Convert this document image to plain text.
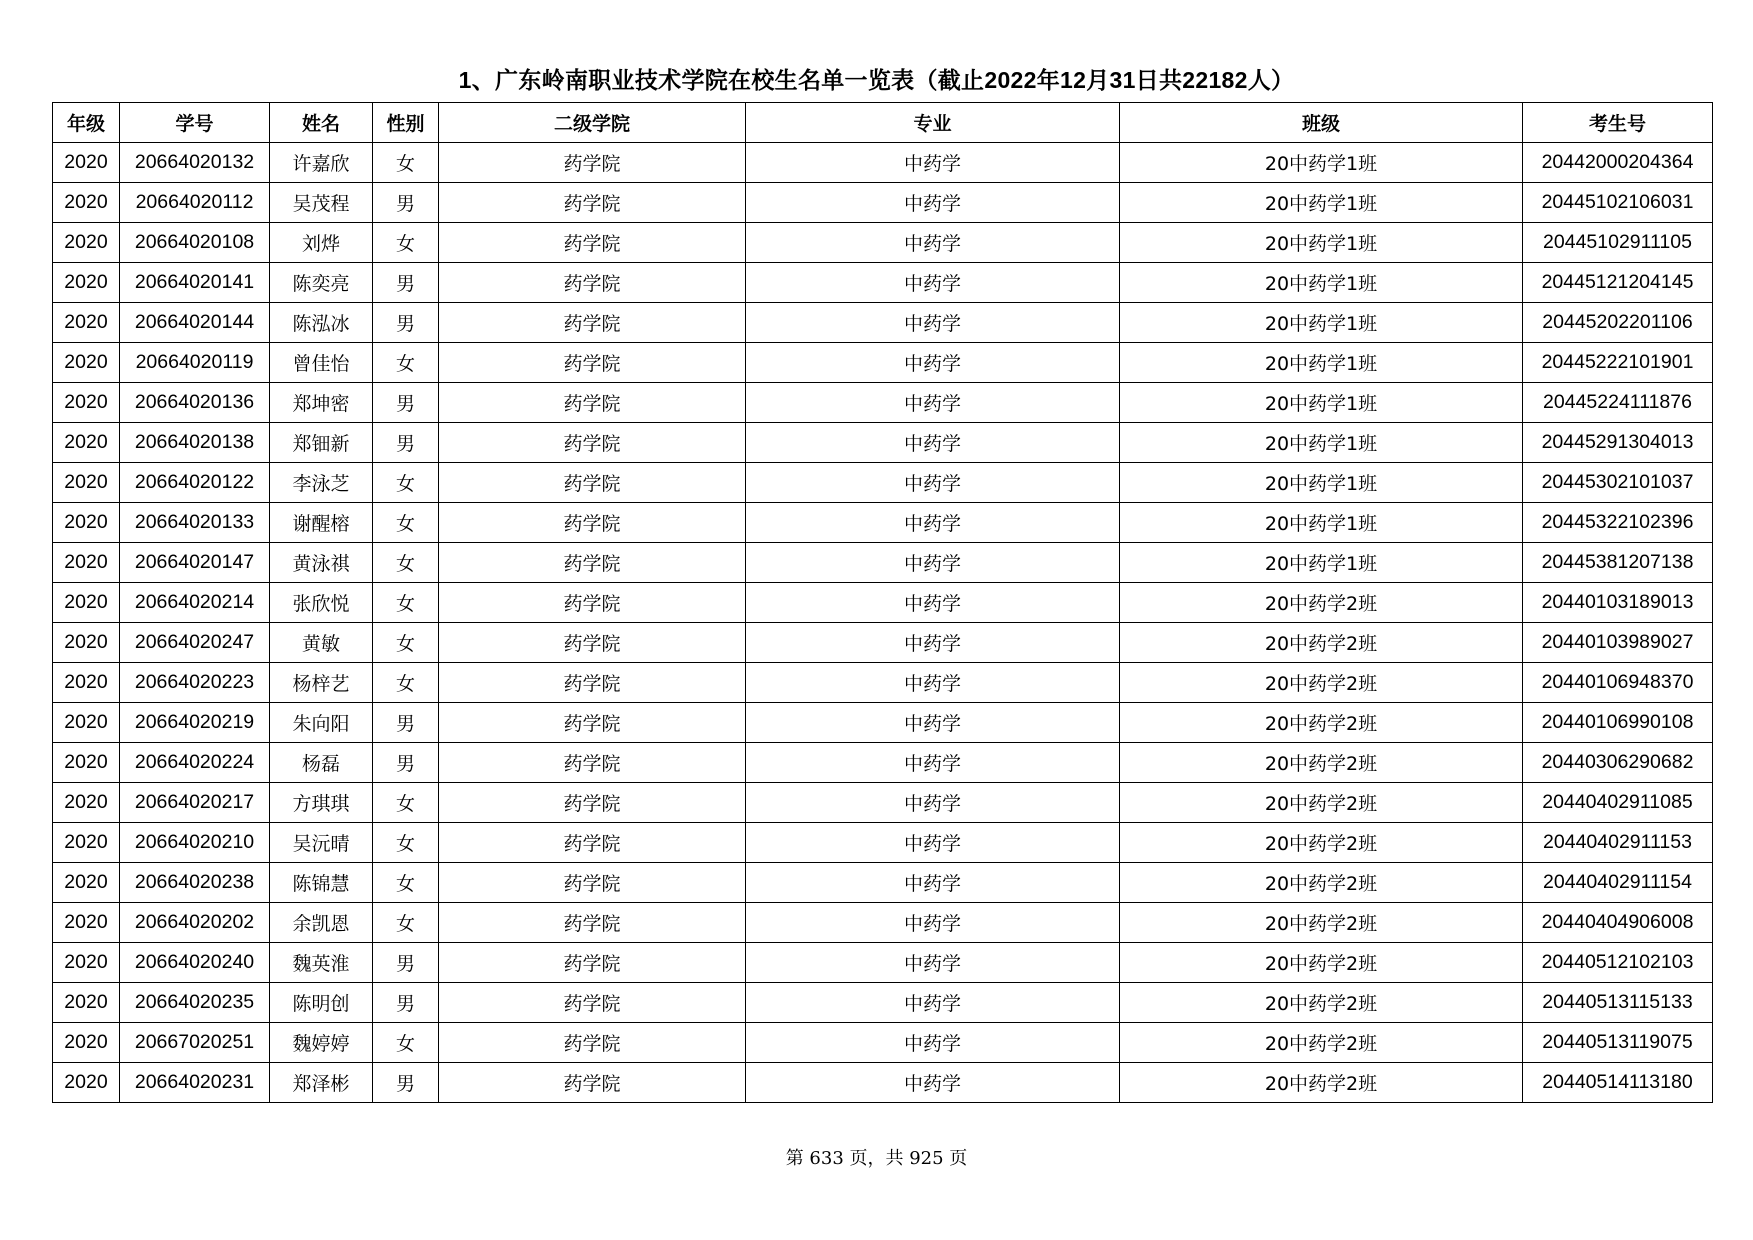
1、广东岭南职业技术学院在校生名单一览表（截止2022年12月31日共22182人）
年级	学号	姓名	性别	二级学院	专业	班级	考生号
2020	20664020132	许嘉欣	女	药学院	中药学	20中药学1班	20442000204364
2020	20664020112	吴茂程	男	药学院	中药学	20中药学1班	20445102106031
2020	20664020108	刘烨	女	药学院	中药学	20中药学1班	20445102911105
2020	20664020141	陈奕亮	男	药学院	中药学	20中药学1班	20445121204145
2020	20664020144	陈泓冰	男	药学院	中药学	20中药学1班	20445202201106
2020	20664020119	曾佳怡	女	药学院	中药学	20中药学1班	20445222101901
2020	20664020136	郑坤密	男	药学院	中药学	20中药学1班	20445224111876
2020	20664020138	郑钿新	男	药学院	中药学	20中药学1班	20445291304013
2020	20664020122	李泳芝	女	药学院	中药学	20中药学1班	20445302101037
2020	20664020133	谢醒榕	女	药学院	中药学	20中药学1班	20445322102396
2020	20664020147	黄泳祺	女	药学院	中药学	20中药学1班	20445381207138
2020	20664020214	张欣悦	女	药学院	中药学	20中药学2班	20440103189013
2020	20664020247	黄敏	女	药学院	中药学	20中药学2班	20440103989027
2020	20664020223	杨梓艺	女	药学院	中药学	20中药学2班	20440106948370
2020	20664020219	朱向阳	男	药学院	中药学	20中药学2班	20440106990108
2020	20664020224	杨磊	男	药学院	中药学	20中药学2班	20440306290682
2020	20664020217	方琪琪	女	药学院	中药学	20中药学2班	20440402911085
2020	20664020210	吴沅晴	女	药学院	中药学	20中药学2班	20440402911153
2020	20664020238	陈锦慧	女	药学院	中药学	20中药学2班	20440402911154
2020	20664020202	余凯恩	女	药学院	中药学	20中药学2班	20440404906008
2020	20664020240	魏英淮	男	药学院	中药学	20中药学2班	20440512102103
2020	20664020235	陈明创	男	药学院	中药学	20中药学2班	20440513115133
2020	20667020251	魏婷婷	女	药学院	中药学	20中药学2班	20440513119075
2020	20664020231	郑泽彬	男	药学院	中药学	20中药学2班	20440514113180
第 633 页，共 925 页
